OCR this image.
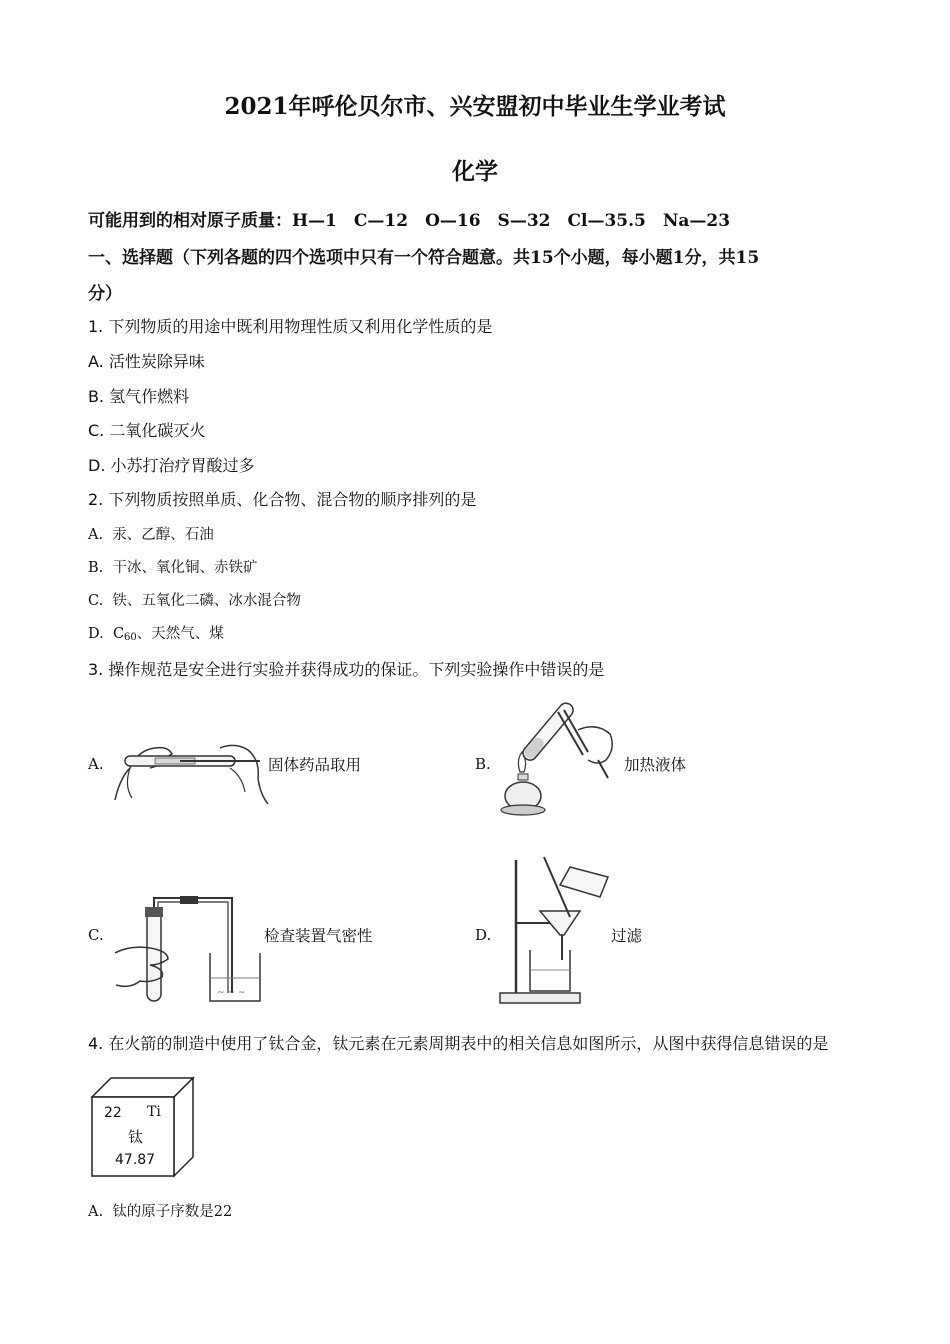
2021年呼伦贝尔市、兴安盟初中毕业生学业考试
化学
可能用到的相对原子质量：H—1　C—12　O—16　S—32　Cl—35.5　Na—23
一、选择题（下列各题的四个选项中只有一个符合题意。共15个小题，每小题1分，共15
分）
1. 下列物质的用途中既利用物理性质又利用化学性质的是
A. 活性炭除异味
B. 氢气作燃料
C. 二氧化碳灭火
D. 小苏打治疗胃酸过多
2. 下列物质按照单质、化合物、混合物的顺序排列的是
A. 汞、乙醇、石油
B. 干冰、氧化铜、赤铁矿
C. 铁、五氧化二磷、冰水混合物
D. $C_{60}$、天然气、煤
3. 操作规范是安全进行实验并获得成功的保证。下列实验操作中错误的是
A.	固体药品取用	B.	加热液体
C.
~ ~ ~
检查装置气密性	D.	过滤
4. 在火箭的制造中使用了钛合金，钛元素在元素周期表中的相关信息如图所示，从图中获得信息错误的是
22 Ti
钛
47.87
A. 钛的原子序数是22
